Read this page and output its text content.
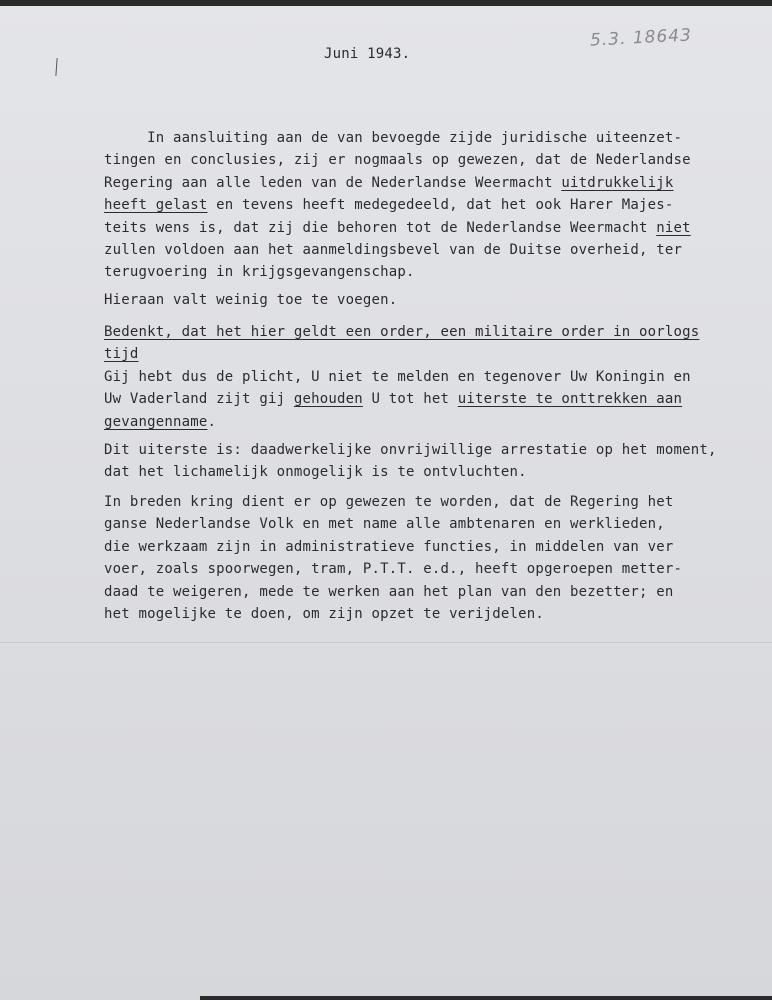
Juni 1943.
5.3. 18643
In aansluiting aan de van bevoegde zijde juridische uiteenzet-
tingen en conclusies, zij er nogmaals op gewezen, dat de Nederlandse
Regering aan alle leden van de Nederlandse Weermacht uitdrukkelijk
heeft gelast en tevens heeft medegedeeld, dat het ook Harer Majes-
teits wens is, dat zij die behoren tot de Nederlandse Weermacht niet
zullen voldoen aan het aanmeldingsbevel van de Duitse overheid, ter
terugvoering in krijgsgevangenschap.
Hieraan valt weinig toe te voegen.
Bedenkt, dat het hier geldt een order, een militaire order in oorlogs
tijd
Gij hebt dus de plicht, U niet te melden en tegenover Uw Koningin en
Uw Vaderland zijt gij gehouden U tot het uiterste te onttrekken aan
gevangenname.
Dit uiterste is: daadwerkelijke onvrijwillige arrestatie op het moment,
dat het lichamelijk onmogelijk is te ontvluchten.
In breden kring dient er op gewezen te worden, dat de Regering het
ganse Nederlandse Volk en met name alle ambtenaren en werklieden,
die werkzaam zijn in administratieve functies, in middelen van ver
voer, zoals spoorwegen, tram, P.T.T. e.d., heeft opgeroepen metter-
daad te weigeren, mede te werken aan het plan van den bezetter; en
het mogelijke te doen, om zijn opzet te verijdelen.
